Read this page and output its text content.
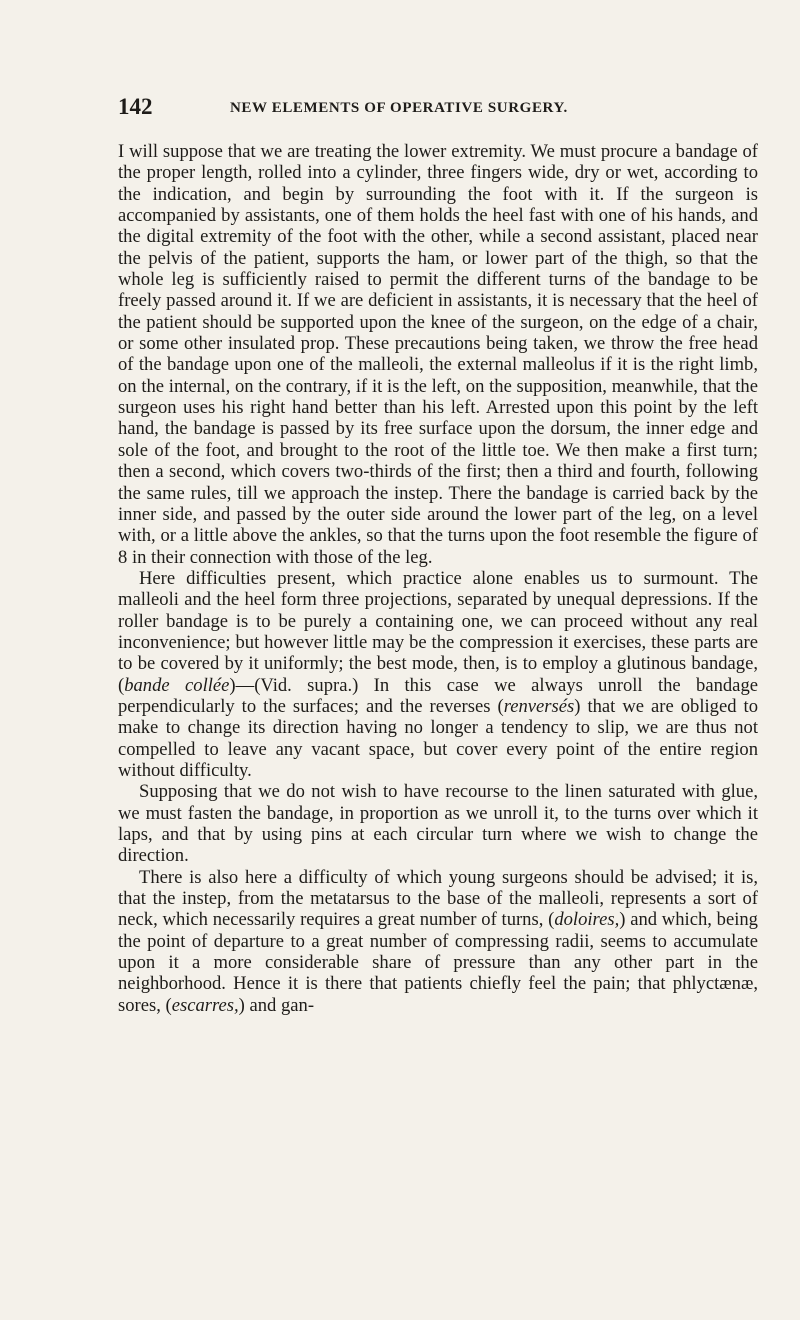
142	NEW ELEMENTS OF OPERATIVE SURGERY.

I will suppose that we are treating the lower extremity. We must procure a bandage of the proper length, rolled into a cylinder, three fingers wide, dry or wet, according to the indication, and begin by surrounding the foot with it. If the surgeon is accompanied by assistants, one of them holds the heel fast with one of his hands, and the digital extremity of the foot with the other, while a second assistant, placed near the pelvis of the patient, supports the ham, or lower part of the thigh, so that the whole leg is sufficiently raised to permit the different turns of the bandage to be freely passed around it. If we are deficient in assistants, it is necessary that the heel of the patient should be supported upon the knee of the surgeon, on the edge of a chair, or some other insulated prop. These precautions being taken, we throw the free head of the bandage upon one of the malleoli, the external malleolus if it is the right limb, on the internal, on the contrary, if it is the left, on the supposition, meanwhile, that the surgeon uses his right hand better than his left. Arrested upon this point by the left hand, the bandage is passed by its free surface upon the dorsum, the inner edge and sole of the foot, and brought to the root of the little toe. We then make a first turn; then a second, which covers two-thirds of the first; then a third and fourth, following the same rules, till we approach the instep. There the bandage is carried back by the inner side, and passed by the outer side around the lower part of the leg, on a level with, or a little above the ankles, so that the turns upon the foot resemble the figure of 8 in their connection with those of the leg.

Here difficulties present, which practice alone enables us to surmount. The malleoli and the heel form three projections, separated by unequal depressions. If the roller bandage is to be purely a containing one, we can proceed without any real inconvenience; but however little may be the compression it exercises, these parts are to be covered by it uniformly; the best mode, then, is to employ a glutinous bandage, (bande collée)—(Vid. supra.) In this case we always unroll the bandage perpendicularly to the surfaces; and the reverses (renversés) that we are obliged to make to change its direction having no longer a tendency to slip, we are thus not compelled to leave any vacant space, but cover every point of the entire region without difficulty.

Supposing that we do not wish to have recourse to the linen saturated with glue, we must fasten the bandage, in proportion as we unroll it, to the turns over which it laps, and that by using pins at each circular turn where we wish to change the direction.

There is also here a difficulty of which young surgeons should be advised; it is, that the instep, from the metatarsus to the base of the malleoli, represents a sort of neck, which necessarily requires a great number of turns, (doloires,) and which, being the point of departure to a great number of compressing radii, seems to accumulate upon it a more considerable share of pressure than any other part in the neighborhood. Hence it is there that patients chiefly feel the pain; that phlyctænæ, sores, (escarres,) and gan-
